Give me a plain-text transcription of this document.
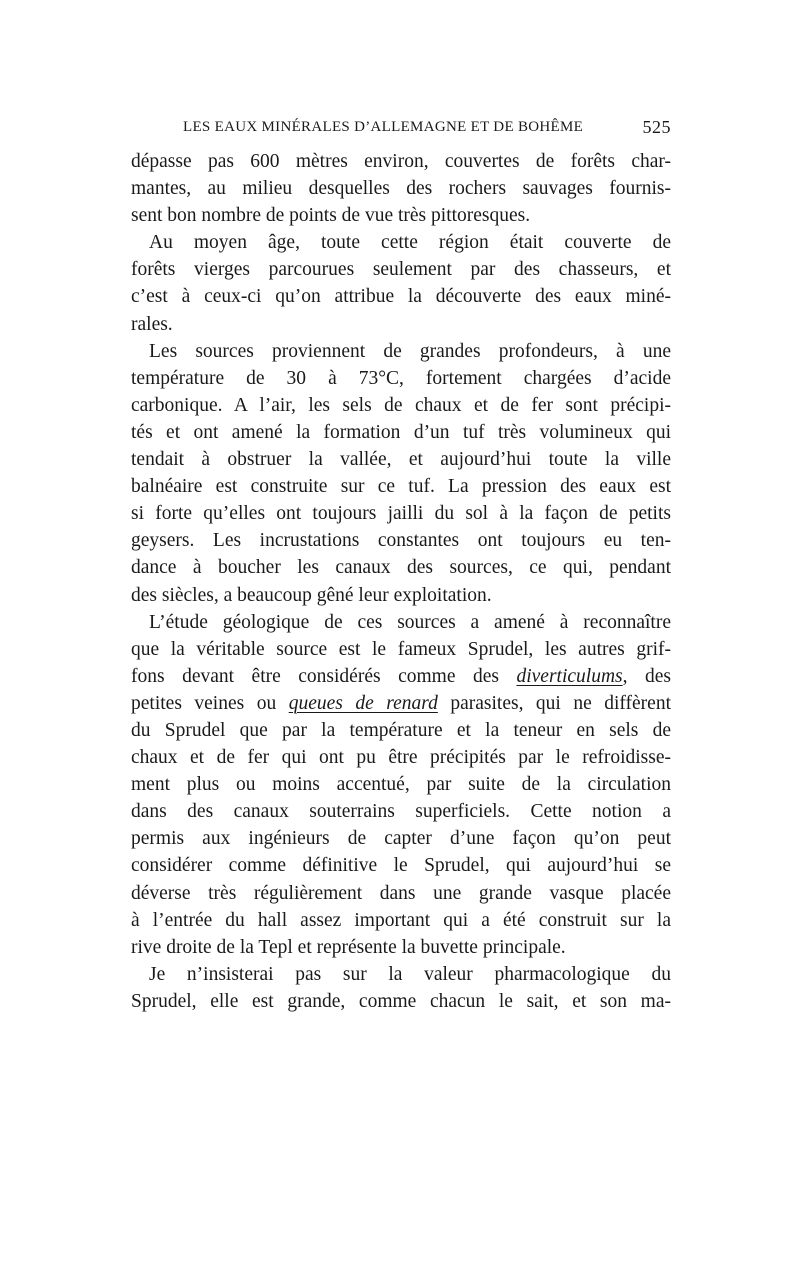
LES EAUX MINÉRALES D’ALLEMAGNE ET DE BOHÊME	525
dépasse pas 600 mètres environ, couvertes de forêts char-
mantes, au milieu desquelles des rochers sauvages fournis-
sent bon nombre de points de vue très pittoresques.
Au moyen âge, toute cette région était couverte de
forêts vierges parcourues seulement par des chasseurs, et
c’est à ceux-ci qu’on attribue la découverte des eaux miné-
rales.
Les sources proviennent de grandes profondeurs, à une
température de 30 à 73°C, fortement chargées d’acide
carbonique. A l’air, les sels de chaux et de fer sont précipi-
tés et ont amené la formation d’un tuf très volumineux qui
tendait à obstruer la vallée, et aujourd’hui toute la ville
balnéaire est construite sur ce tuf. La pression des eaux est
si forte qu’elles ont toujours jailli du sol à la façon de petits
geysers. Les incrustations constantes ont toujours eu ten-
dance à boucher les canaux des sources, ce qui, pendant
des siècles, a beaucoup gêné leur exploitation.
L’étude géologique de ces sources a amené à reconnaître
que la véritable source est le fameux Sprudel, les autres grif-
fons devant être considérés comme des diverticulums, des
petites veines ou queues de renard parasites, qui ne diffèrent
du Sprudel que par la température et la teneur en sels de
chaux et de fer qui ont pu être précipités par le refroidisse-
ment plus ou moins accentué, par suite de la circulation
dans des canaux souterrains superficiels. Cette notion a
permis aux ingénieurs de capter d’une façon qu’on peut
considérer comme définitive le Sprudel, qui aujourd’hui se
déverse très régulièrement dans une grande vasque placée
à l’entrée du hall assez important qui a été construit sur la
rive droite de la Tepl et représente la buvette principale.
Je n’insisterai pas sur la valeur pharmacologique du
Sprudel, elle est grande, comme chacun le sait, et son ma-
